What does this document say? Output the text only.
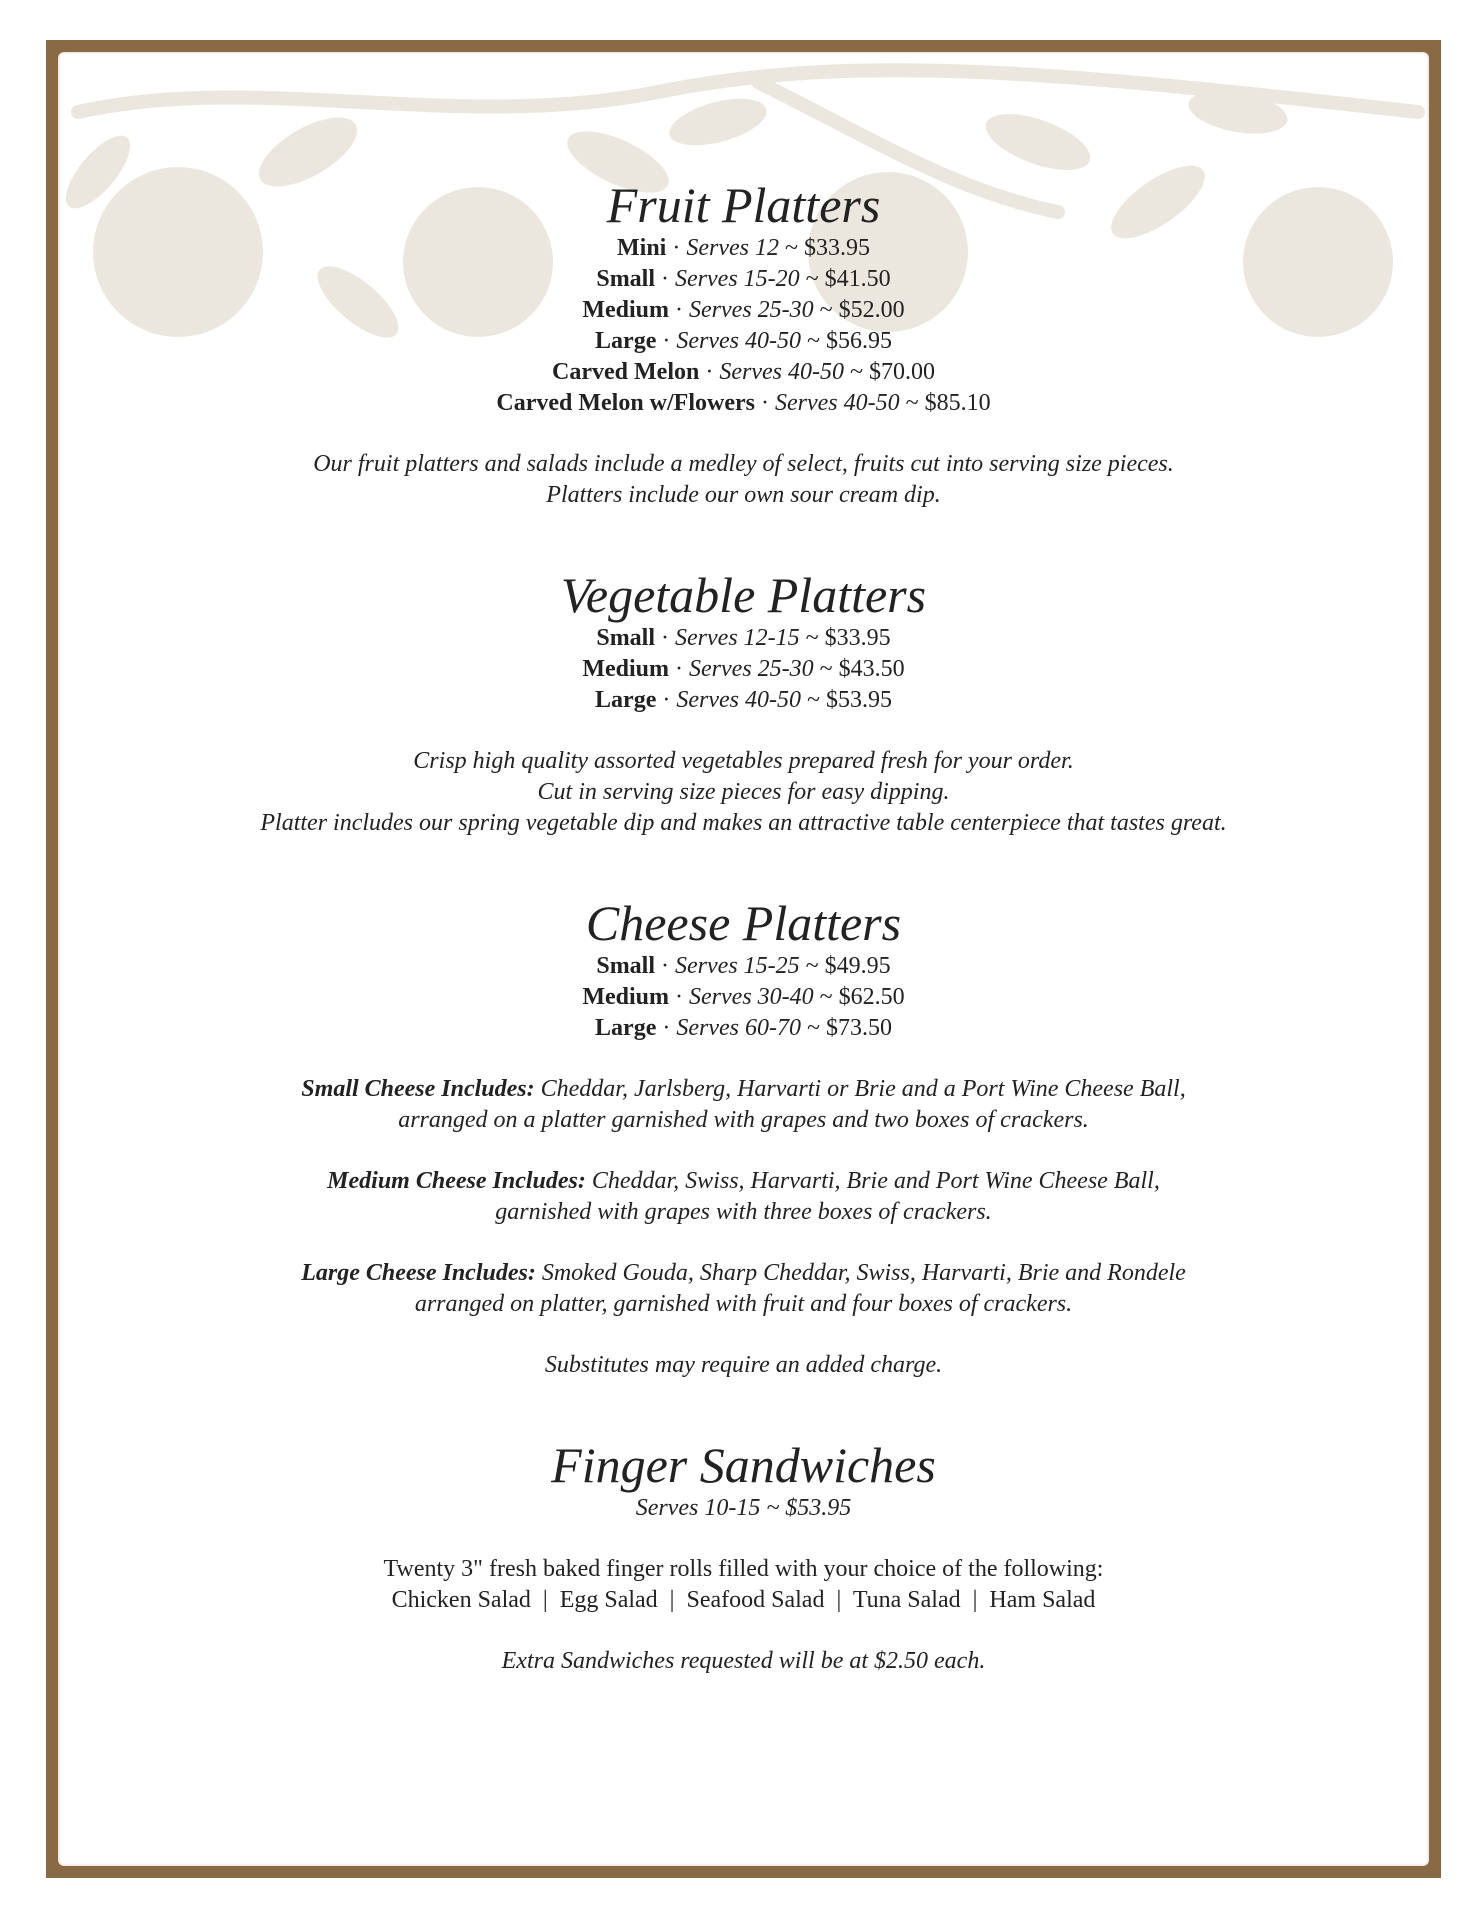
Fruit Platters
Mini · Serves 12 ~ $33.95
Small · Serves 15-20 ~ $41.50
Medium · Serves 25-30 ~ $52.00
Large · Serves 40-50 ~ $56.95
Carved Melon · Serves 40-50 ~ $70.00
Carved Melon w/Flowers · Serves 40-50 ~ $85.10
Our fruit platters and salads include a medley of select, fruits cut into serving size pieces.
Platters include our own sour cream dip.
Vegetable Platters
Small · Serves 12-15 ~ $33.95
Medium · Serves 25-30 ~ $43.50
Large · Serves 40-50 ~ $53.95
Crisp high quality assorted vegetables prepared fresh for your order.
Cut in serving size pieces for easy dipping.
Platter includes our spring vegetable dip and makes an attractive table centerpiece that tastes great.
Cheese Platters
Small · Serves 15-25 ~ $49.95
Medium · Serves 30-40 ~ $62.50
Large · Serves 60-70 ~ $73.50
Small Cheese Includes: Cheddar, Jarlsberg, Harvarti or Brie and a Port Wine Cheese Ball,
arranged on a platter garnished with grapes and two boxes of crackers.
Medium Cheese Includes: Cheddar, Swiss, Harvarti, Brie and Port Wine Cheese Ball,
garnished with grapes with three boxes of crackers.
Large Cheese Includes: Smoked Gouda, Sharp Cheddar, Swiss, Harvarti, Brie and Rondele
arranged on platter, garnished with fruit and four boxes of crackers.
Substitutes may require an added charge.
Finger Sandwiches
Serves 10-15 ~ $53.95
Twenty 3" fresh baked finger rolls filled with your choice of the following:
Chicken Salad  |  Egg Salad  |  Seafood Salad  |  Tuna Salad  |  Ham Salad
Extra Sandwiches requested will be at $2.50 each.
